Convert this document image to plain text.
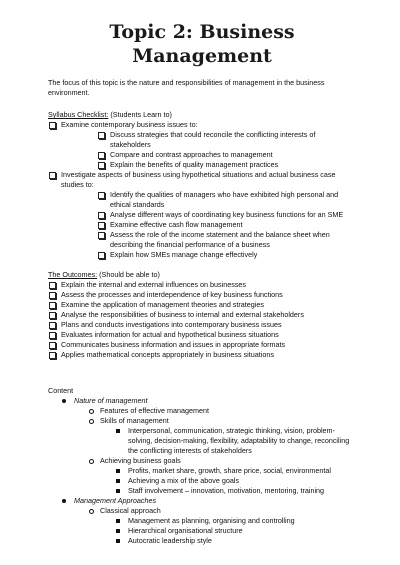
Topic 2: Business Management

The focus of this topic is the nature and responsibilities of management in the business environment.

Syllabus Checklist: (Students Learn to)

Examine contemporary business issues to:
Discuss strategies that could reconcile the conflicting interests of stakeholders
Compare and contrast approaches to management
Explain the benefits of quality management practices
Investigate aspects of business using hypothetical situations and actual business case studies to:
Identify the qualities of managers who have exhibited high personal and ethical standards
Analyse different ways of coordinating key business functions for an SME
Examine effective cash flow management
Assess the role of the income statement and the balance sheet when describing the financial performance of a business
Explain how SMEs manage change effectively

The Outcomes: (Should be able to)

Explain the internal and external influences on businesses
Assess the processes and interdependence of key business functions
Examine the application of management theories and strategies
Analyse the responsibilities of business to internal and external stakeholders
Plans and conducts investigations into contemporary business issues
Evaluates information for actual and hypothetical business situations
Communicates business information and issues in appropriate formats
Applies mathematical concepts appropriately in business situations

Content

Nature of management
Features of effective management
Skills of management
Interpersonal, communication, strategic thinking, vision, problem-solving, decision-making, flexibility, adaptability to change, reconciling the conflicting interests of stakeholders
Achieving business goals
Profits, market share, growth, share price, social, environmental
Achieving a mix of the above goals
Staff involvement – innovation, motivation, mentoring, training
Management Approaches
Classical approach
Management as planning, organising and controlling
Hierarchical organisational structure
Autocratic leadership style
